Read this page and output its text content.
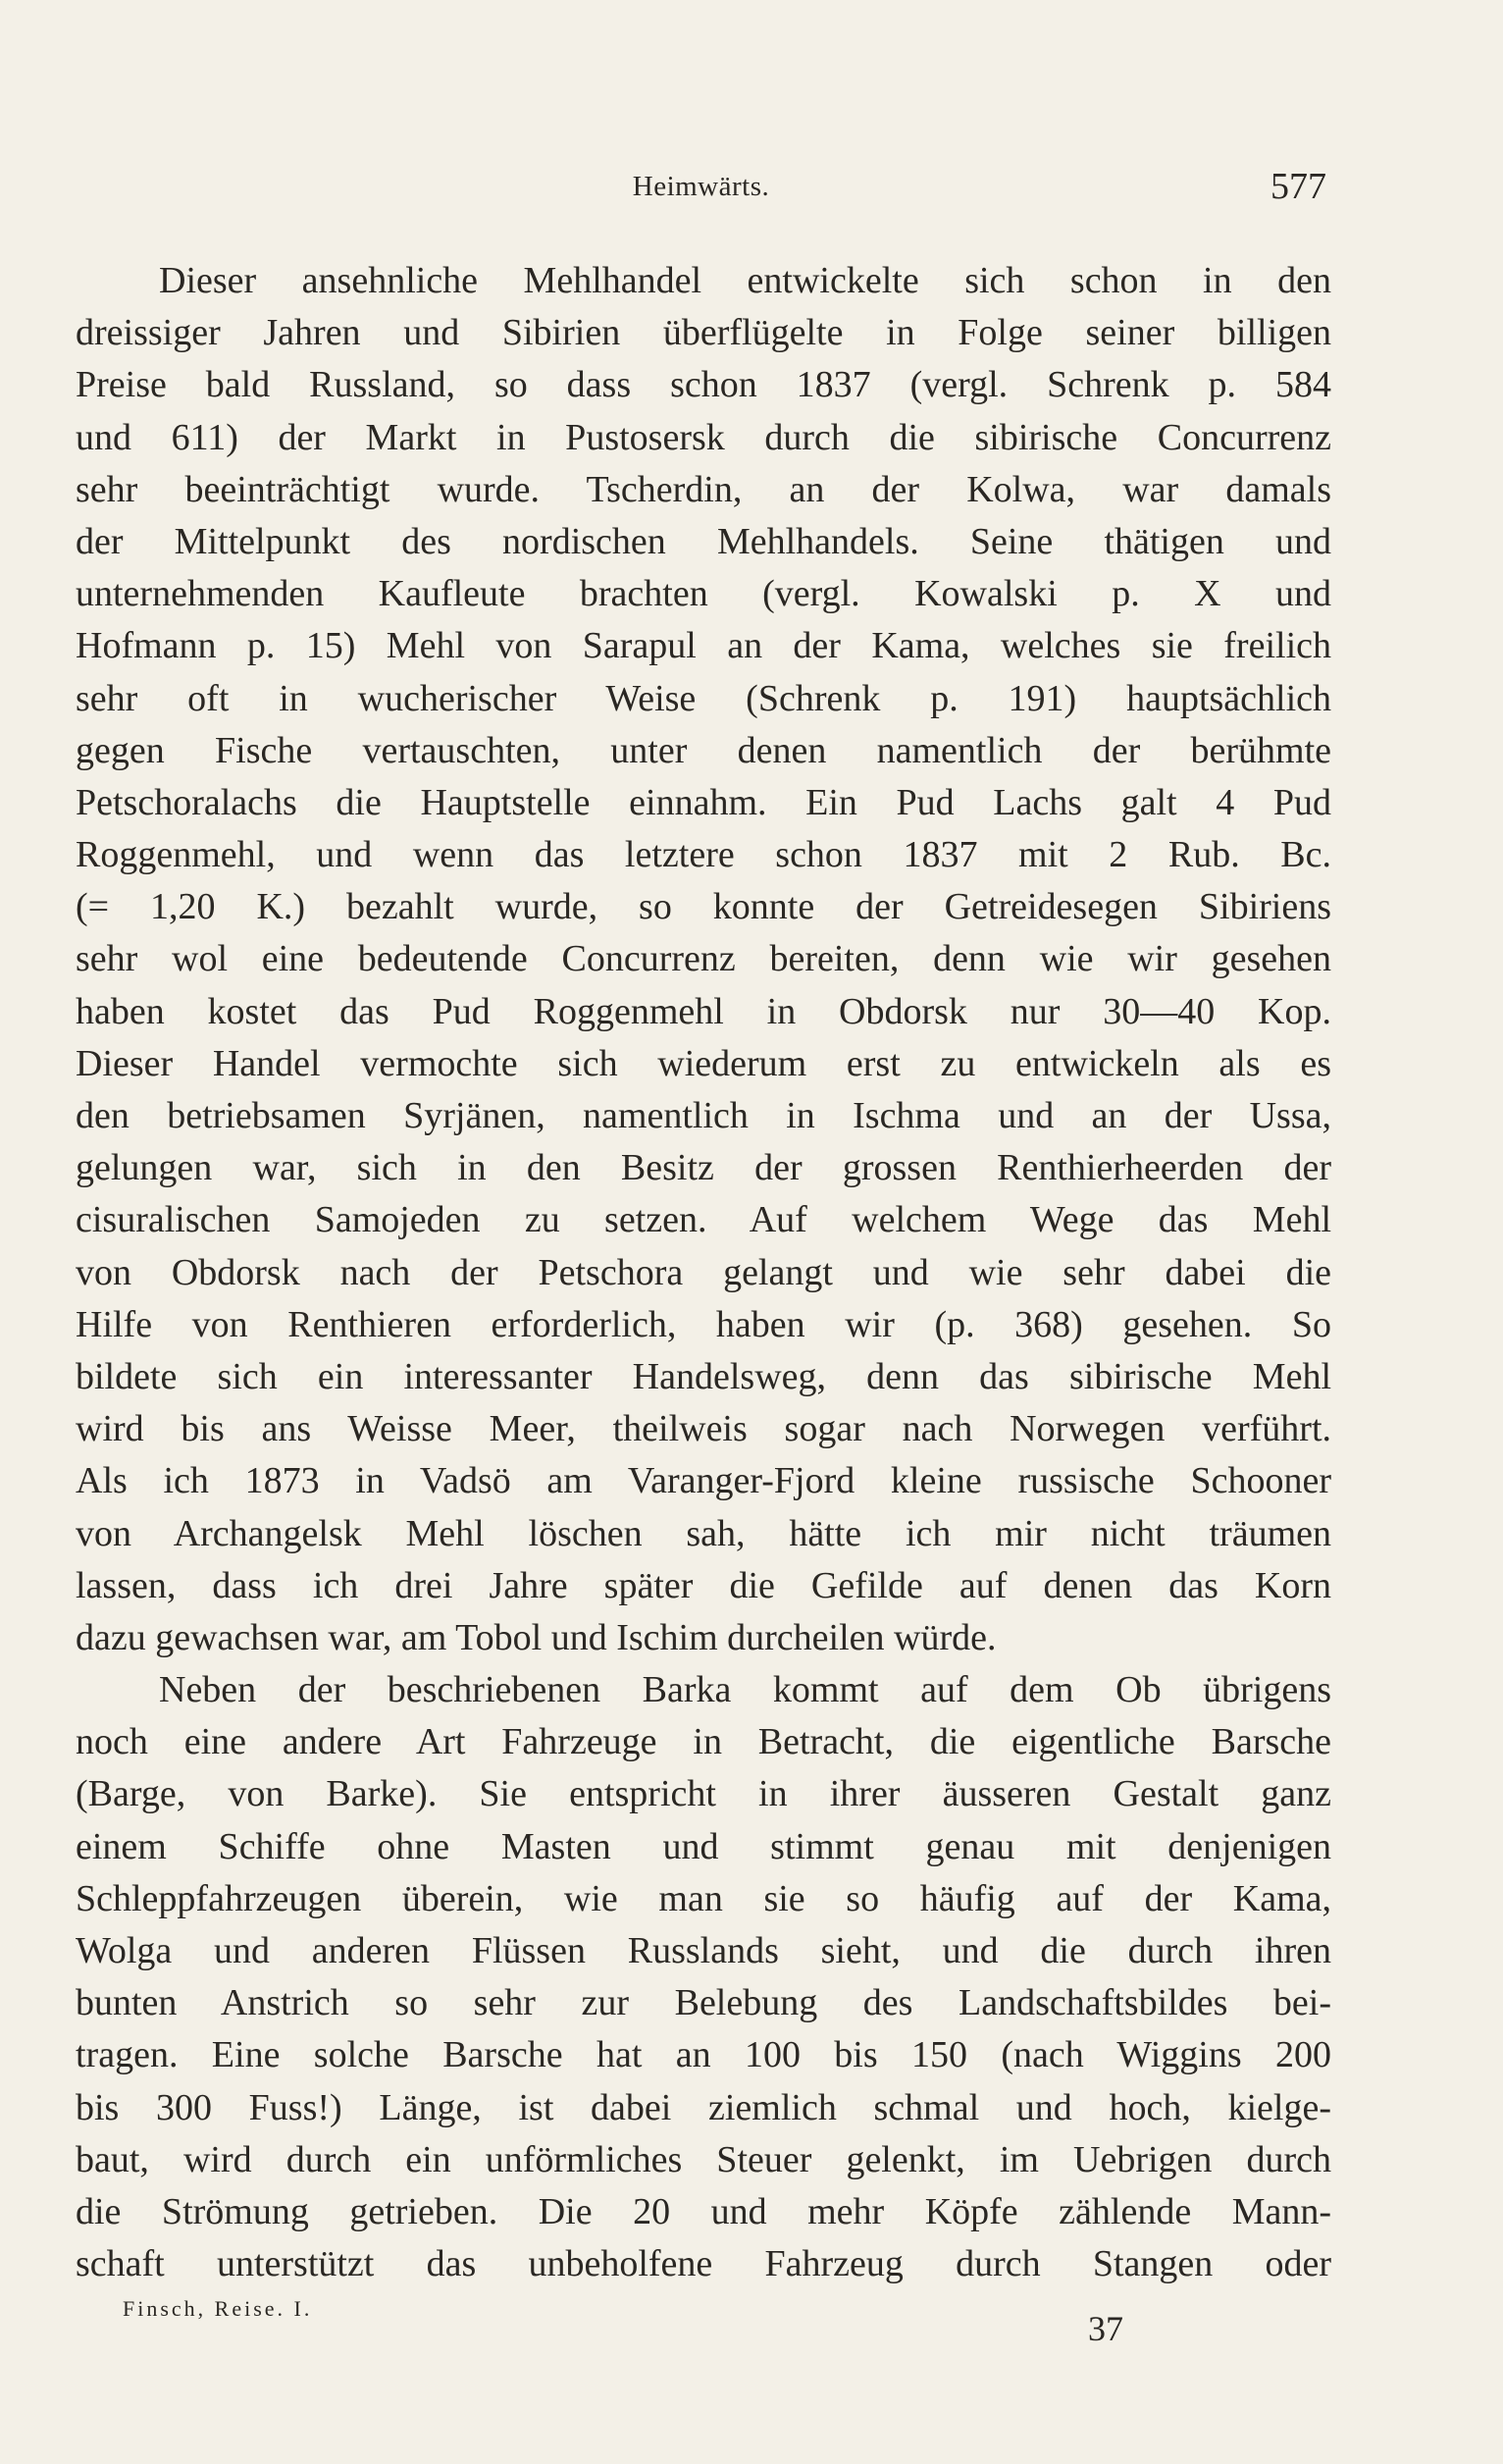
Heimwärts.	577
Dieser ansehnliche Mehlhandel entwickelte sich schon in den
dreissiger Jahren und Sibirien überflügelte in Folge seiner billigen
Preise bald Russland, so dass schon 1837 (vergl. Schrenk p. 584
und 611) der Markt in Pustosersk durch die sibirische Concurrenz
sehr beeinträchtigt wurde. Tscherdin, an der Kolwa, war damals
der Mittelpunkt des nordischen Mehlhandels. Seine thätigen und
unternehmenden Kaufleute brachten (vergl. Kowalski p. X und
Hofmann p. 15) Mehl von Sarapul an der Kama, welches sie freilich
sehr oft in wucherischer Weise (Schrenk p. 191) hauptsächlich
gegen Fische vertauschten, unter denen namentlich der berühmte
Petschoralachs die Hauptstelle einnahm. Ein Pud Lachs galt 4 Pud
Roggenmehl, und wenn das letztere schon 1837 mit 2 Rub. Bc.
(= 1,20 K.) bezahlt wurde, so konnte der Getreidesegen Sibiriens
sehr wol eine bedeutende Concurrenz bereiten, denn wie wir gesehen
haben kostet das Pud Roggenmehl in Obdorsk nur 30—40 Kop.
Dieser Handel vermochte sich wiederum erst zu entwickeln als es
den betriebsamen Syrjänen, namentlich in Ischma und an der Ussa,
gelungen war, sich in den Besitz der grossen Renthierheerden der
cisuralischen Samojeden zu setzen. Auf welchem Wege das Mehl
von Obdorsk nach der Petschora gelangt und wie sehr dabei die
Hilfe von Renthieren erforderlich, haben wir (p. 368) gesehen. So
bildete sich ein interessanter Handelsweg, denn das sibirische Mehl
wird bis ans Weisse Meer, theilweis sogar nach Norwegen verführt.
Als ich 1873 in Vadsö am Varanger-Fjord kleine russische Schooner
von Archangelsk Mehl löschen sah, hätte ich mir nicht träumen
lassen, dass ich drei Jahre später die Gefilde auf denen das Korn
dazu gewachsen war, am Tobol und Ischim durcheilen würde.
Neben der beschriebenen Barka kommt auf dem Ob übrigens
noch eine andere Art Fahrzeuge in Betracht, die eigentliche Barsche
(Barge, von Barke). Sie entspricht in ihrer äusseren Gestalt ganz
einem Schiffe ohne Masten und stimmt genau mit denjenigen
Schleppfahrzeugen überein, wie man sie so häufig auf der Kama,
Wolga und anderen Flüssen Russlands sieht, und die durch ihren
bunten Anstrich so sehr zur Belebung des Landschaftsbildes bei-
tragen. Eine solche Barsche hat an 100 bis 150 (nach Wiggins 200
bis 300 Fuss!) Länge, ist dabei ziemlich schmal und hoch, kielge-
baut, wird durch ein unförmliches Steuer gelenkt, im Uebrigen durch
die Strömung getrieben. Die 20 und mehr Köpfe zählende Mann-
schaft unterstützt das unbeholfene Fahrzeug durch Stangen oder
Finsch, Reise. I.
37
